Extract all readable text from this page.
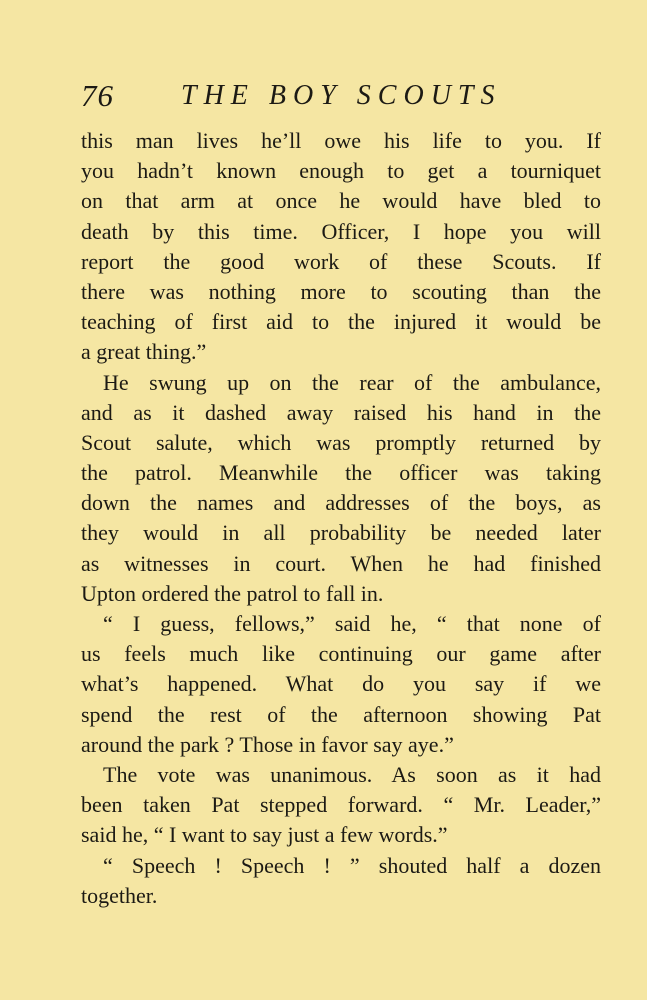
76 THE BOY SCOUTS
this man lives he’ll owe his life to you. If
you hadn’t known enough to get a tourniquet
on that arm at once he would have bled to
death by this time. Officer, I hope you will
report the good work of these Scouts. If
there was nothing more to scouting than the
teaching of first aid to the injured it would be
a great thing.”
He swung up on the rear of the ambulance,
and as it dashed away raised his hand in the
Scout salute, which was promptly returned by
the patrol. Meanwhile the officer was taking
down the names and addresses of the boys, as
they would in all probability be needed later
as witnesses in court. When he had finished
Upton ordered the patrol to fall in.
“ I guess, fellows,” said he, “ that none of
us feels much like continuing our game after
what’s happened. What do you say if we
spend the rest of the afternoon showing Pat
around the park ? Those in favor say aye.”
The vote was unanimous. As soon as it had
been taken Pat stepped forward. “ Mr. Leader,”
said he, “ I want to say just a few words.”
“ Speech ! Speech ! ” shouted half a dozen
together.
